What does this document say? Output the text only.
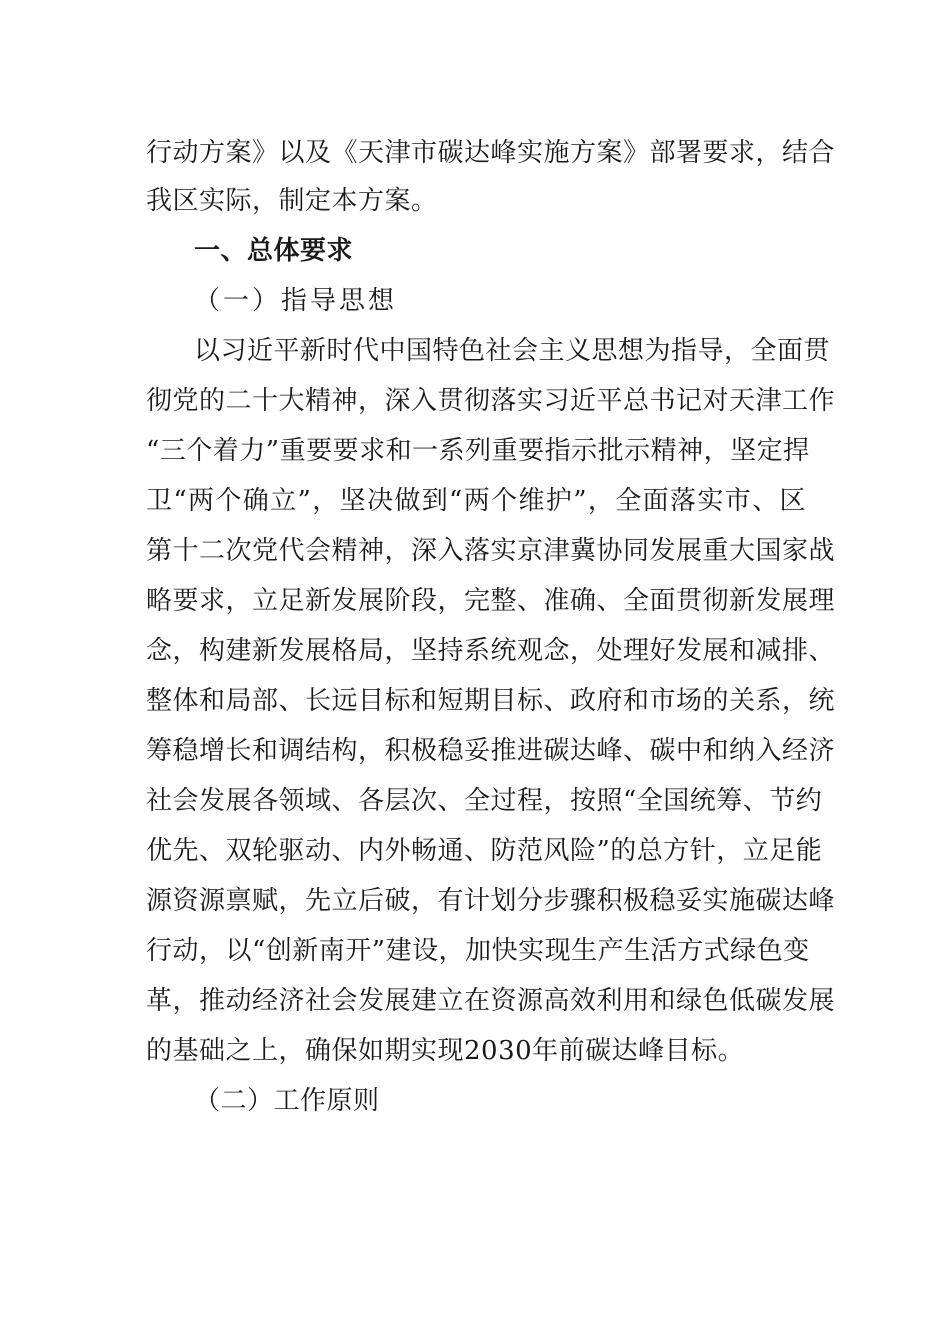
行动方案》以及《天津市碳达峰实施方案》部署要求，结合
我区实际，制定本方案。
一、总体要求
（一）指导思想
以习近平新时代中国特色社会主义思想为指导，全面贯
彻党的二十大精神，深入贯彻落实习近平总书记对天津工作
“三个着力”重要要求和一系列重要指示批示精神，坚定捍
卫“两个确立”，坚决做到“两个维护”，全面落实市、区
第十二次党代会精神，深入落实京津冀协同发展重大国家战
略要求，立足新发展阶段，完整、准确、全面贯彻新发展理
念，构建新发展格局，坚持系统观念，处理好发展和减排、
整体和局部、长远目标和短期目标、政府和市场的关系，统
筹稳增长和调结构，积极稳妥推进碳达峰、碳中和纳入经济
社会发展各领域、各层次、全过程，按照“全国统筹、节约
优先、双轮驱动、内外畅通、防范风险”的总方针，立足能
源资源禀赋，先立后破，有计划分步骤积极稳妥实施碳达峰
行动，以“创新南开”建设，加快实现生产生活方式绿色变
革，推动经济社会发展建立在资源高效利用和绿色低碳发展
的基础之上，确保如期实现2030年前碳达峰目标。
（二）工作原则
